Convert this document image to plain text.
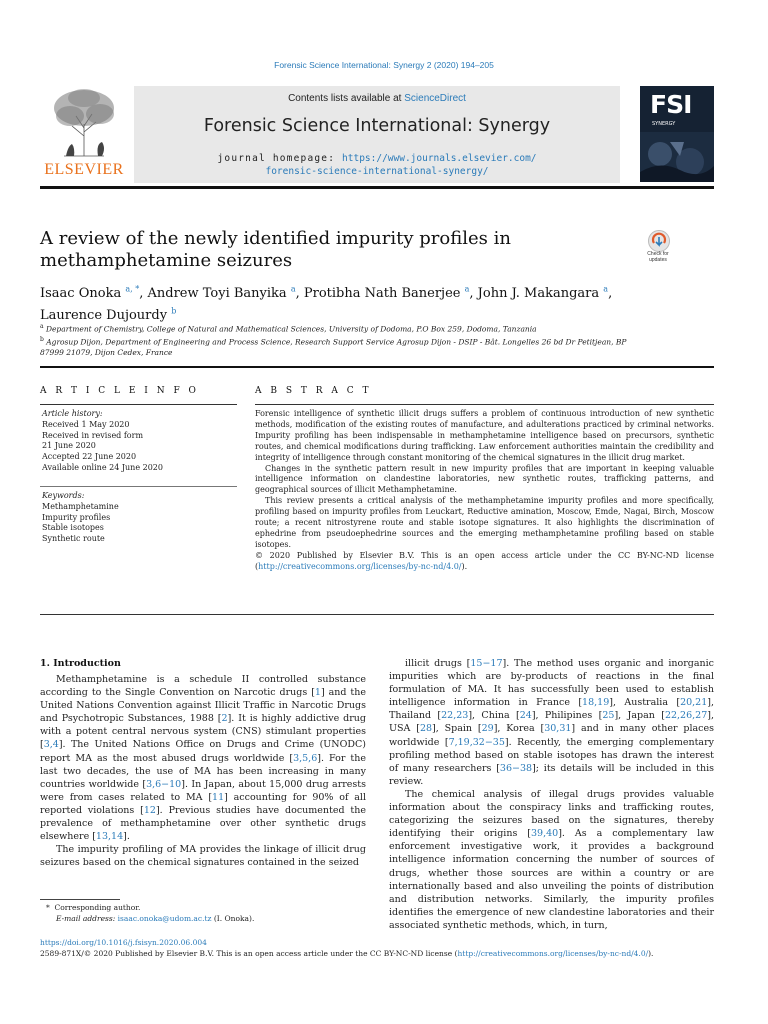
Forensic Science International: Synergy 2 (2020) 194–205
ELSEVIER
Contents lists available at ScienceDirect
Forensic Science International: Synergy
journal homepage: https://www.journals.elsevier.com/
forensic-science-international-synergy/
FSI
SYNERGY
A review of the newly identified impurity profiles in
methamphetamine seizures	Check for
updates
Isaac Onoka $^{a, *}$, Andrew Toyi Banyika $^a$, Protibha Nath Banerjee $^a$, John J. Makangara $^a$,
Laurence Dujourdy $^b$
$^a$ Department of Chemistry, College of Natural and Mathematical Sciences, University of Dodoma, P.O Box 259, Dodoma, Tanzania
$^b$ Agrosup Dijon, Department of Engineering and Process Science, Research Support Service Agrosup Dijon - DSIP - Bât. Longelles 26 bd Dr Petitjean, BP 87999 21079, Dijon Cedex, France
A R T I C L E I N F O	A B S T R A C T
Article history:
Received 1 May 2020
Received in revised form
21 June 2020
Accepted 22 June 2020
Available online 24 June 2020
Keywords:
Methamphetamine
Impurity profiles
Stable isotopes
Synthetic route

Forensic intelligence of synthetic illicit drugs suffers a problem of continuous introduction of new synthetic methods, modification of the existing routes of manufacture, and adulterations practiced by criminal networks. Impurity profiling has been indispensable in methamphetamine intelligence based on precursors, synthetic routes, and chemical modifications during trafficking. Law enforcement authorities maintain the credibility and integrity of intelligence through constant monitoring of the chemical signatures in the illicit drug market.

Changes in the synthetic pattern result in new impurity profiles that are important in keeping valuable intelligence information on clandestine laboratories, new synthetic routes, trafficking patterns, and geographical sources of illicit Methamphetamine.

This review presents a critical analysis of the methamphetamine impurity profiles and more specifically, profiling based on impurity profiles from Leuckart, Reductive amination, Moscow, Emde, Nagai, Birch, Moscow route; a recent nitrostyrene route and stable isotope signatures. It also highlights the discrimination of ephedrine from pseudoephedrine sources and the emerging methamphetamine profiling based on stable isotopes.

© 2020 Published by Elsevier B.V. This is an open access article under the CC BY-NC-ND license (http://creativecommons.org/licenses/by-nc-nd/4.0/).

1. Introduction

Methamphetamine is a schedule II controlled substance according to the Single Convention on Narcotic drugs [1] and the United Nations Convention against Illicit Traffic in Narcotic Drugs and Psychotropic Substances, 1988 [2]. It is highly addictive drug with a potent central nervous system (CNS) stimulant properties [3,4]. The United Nations Office on Drugs and Crime (UNODC) report MA as the most abused drugs worldwide [3,5,6]. For the last two decades, the use of MA has been increasing in many countries worldwide [3,6−10]. In Japan, about 15,000 drug arrests were from cases related to MA [11] accounting for 90% of all reported violations [12]. Previous studies have documented the prevalence of methamphetamine over other synthetic drugs elsewhere [13,14].

The impurity profiling of MA provides the linkage of illicit drug seizures based on the chemical signatures contained in the seized

illicit drugs [15−17]. The method uses organic and inorganic impurities which are by-products of reactions in the final formulation of MA. It has successfully been used to establish intelligence information in France [18,19], Australia [20,21], Thailand [22,23], China [24], Philipines [25], Japan [22,26,27], USA [28], Spain [29], Korea [30,31] and in many other places worldwide [7,19,32−35]. Recently, the emerging complementary profiling method based on stable isotopes has drawn the interest of many researchers [36−38]; its details will be included in this review.

The chemical analysis of illegal drugs provides valuable information about the conspiracy links and trafficking routes, categorizing the seizures based on the signatures, thereby identifying their origins [39,40]. As a complementary law enforcement investigative work, it provides a background intelligence information concerning the number of sources of drugs, whether those sources are within a country or are internationally based and also unveiling the points of distribution and distribution networks. Similarly, the impurity profiles identifies the emergence of new clandestine laboratories and their associated synthetic methods, which, in turn,

* Corresponding author.
E-mail address: isaac.onoka@udom.ac.tz (I. Onoka).
https://doi.org/10.1016/j.fsisyn.2020.06.004
2589-871X/© 2020 Published by Elsevier B.V. This is an open access article under the CC BY-NC-ND license (http://creativecommons.org/licenses/by-nc-nd/4.0/).
